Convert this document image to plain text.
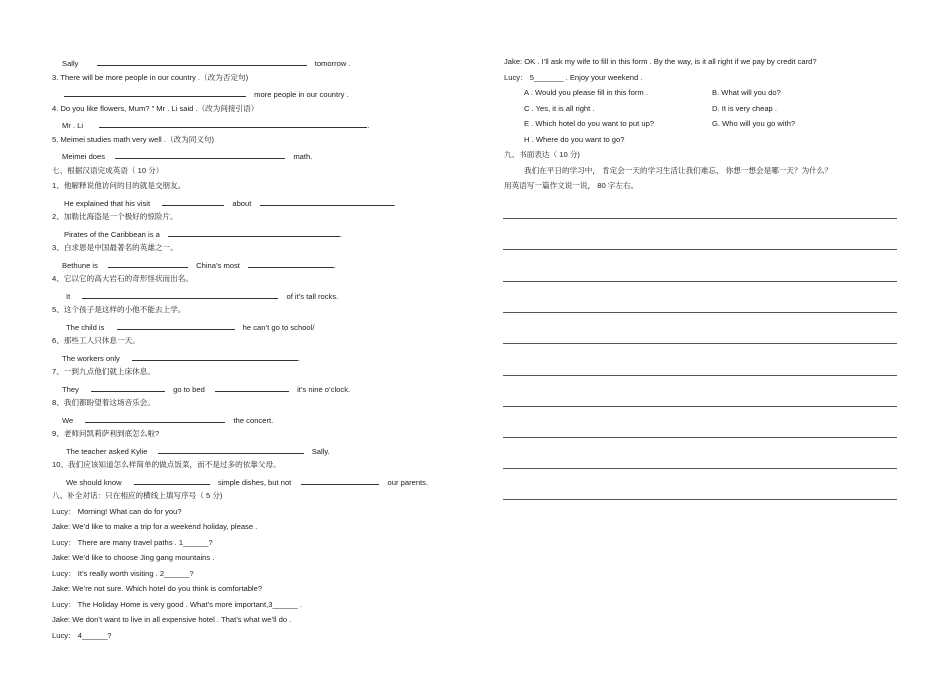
Sally	tomorrow .
3. There will be more people in our country .（改为否定句)
more people in our country .
4. Do you like flowers, Mum? ” Mr . Li said .（改为间接引语）
Mr . Li	.
5. Meimei studies math very well .（改为同义句)
Meimei does	math.
七、根据汉语完成英语（ 10 分）
1、他解释说他访问的目的就是交朋友。
He explained that his visit	about	.
2、加勒比海盗是一个极好的惊险片。
Pirates of the Caribbean is a	.
3、白求恩是中国最著名的英雄之一。
Bethune is	China’s most	.
4、它以它的高大岩石的奇形怪状而出名。
It	of it’s tall rocks.
5、这个孩子是这样的小他不能去上学。
The child is	he can’t go to school/
6、那些工人只休息一天。
The workers only	.
7、一到九点他们就上床休息。
They	go to bed	it’s nine o’clock.
8、我们都盼望着这场音乐会。
We	the concert.
9、老师问凯莉萨利到底怎么啦?
The teacher asked Kylie	Sally.
10、我们应该知道怎么样简单的做点饭菜，而不是过多的依靠父母。
We should know	simple dishes, but not	our parents.
八、补全对话：只在相应的横线上填写序号（ 5 分)
Lucy： Morning! What can do for you?
Jake: We’d like to make a trip for a weekend holiday, please .
Lucy： There are many travel paths . 1______?
Jake: We’d like to choose Jing gang mountains .
Lucy： It’s really worth visiting . 2______?
Jake: We’re not sure. Which hotel do you think is comfortable?
Lucy： The Holiday Home is very good . What’s more important,3______ .
Jake: We don’t want to live in all expensive hotel . That’s what we’ll do .
Lucy： 4______?
Jake: OK . I’ll ask my wife to fill in this form . By the way, is it all right if we pay by credit card?
Lucy： 5_______ . Enjoy your weekend .
A . Would you please fill in this form .	B. What will you do?
C . Yes, it is all right .	D. It is very cheap .
E . Which hotel do you want to put up?	G. Who will you go with?
H . Where do you want to go?
九、书面表达（ 10 分)
我们在平日的学习中， 肯定会一天的学习生活让我们难忘， 你想一想会是哪一天？为什么？
用英语写一篇作文说一说， 80 字左右。
